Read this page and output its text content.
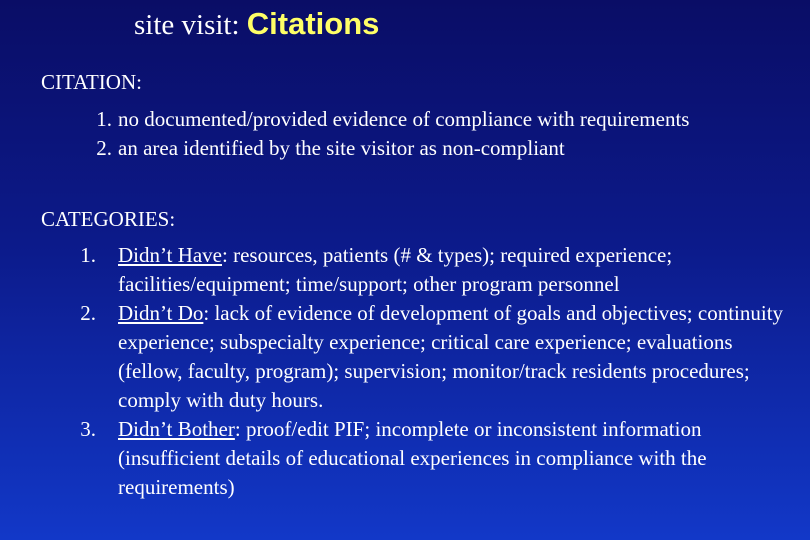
site visit: Citations
CITATION:
1. no documented/provided evidence of compliance with requirements
2. an area identified by the site visitor as non-compliant
CATEGORIES:
1. Didn’t Have: resources, patients (# & types); required experience; facilities/equipment; time/support; other program personnel
2. Didn’t Do: lack of evidence of development of goals and objectives; continuity experience; subspecialty experience; critical care experience; evaluations (fellow, faculty, program); supervision; monitor/track residents procedures; comply with duty hours.
3. Didn’t Bother: proof/edit PIF; incomplete or inconsistent information (insufficient details of educational experiences in compliance with the requirements)
